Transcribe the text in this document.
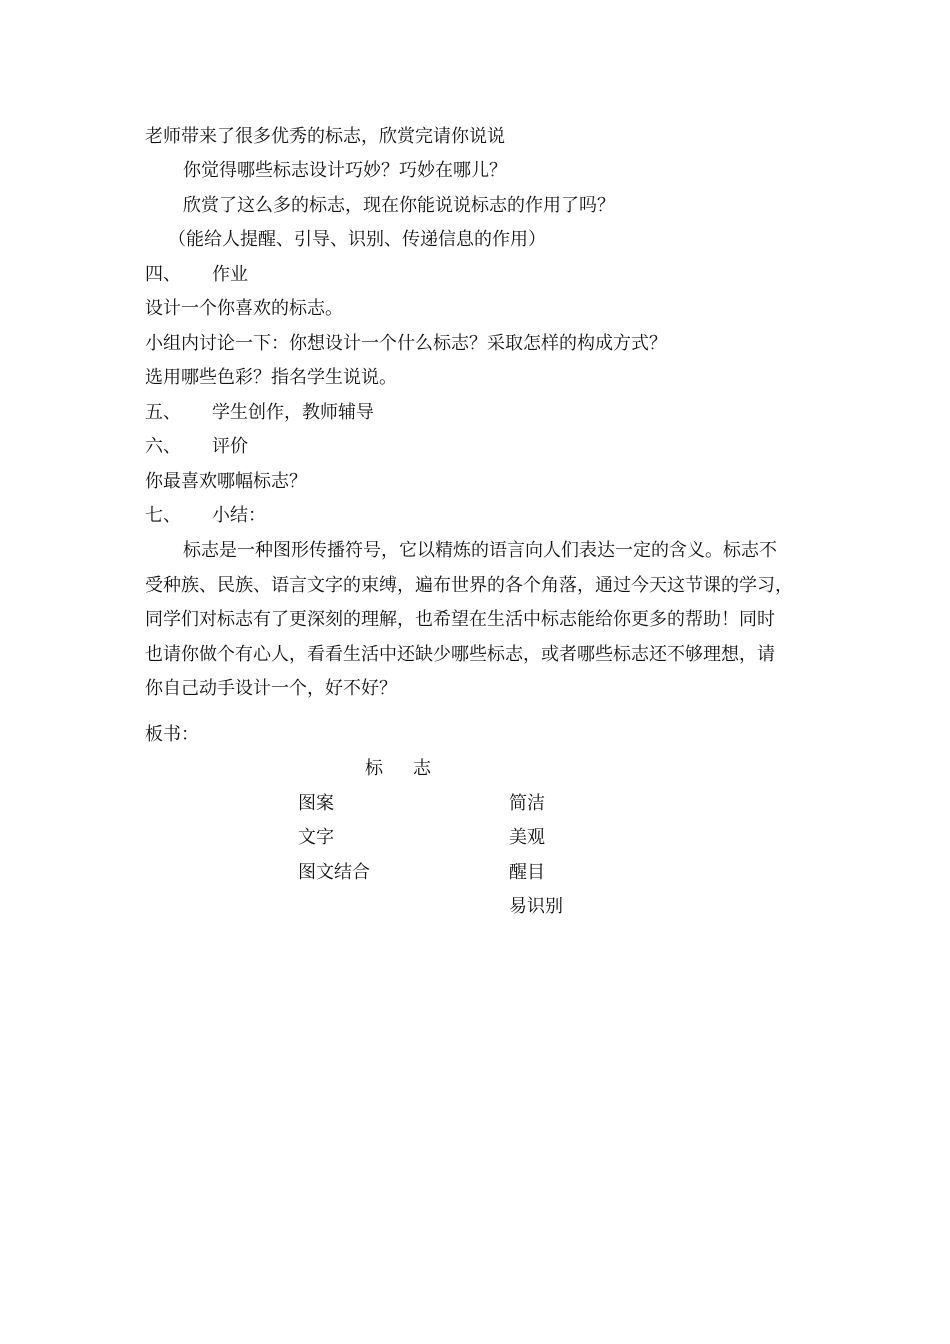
老师带来了很多优秀的标志，欣赏完请你说说
你觉得哪些标志设计巧妙？巧妙在哪儿？
欣赏了这么多的标志，现在你能说说标志的作用了吗？
（能给人提醒、引导、识别、传递信息的作用）
四、 作业
设计一个你喜欢的标志。
小组内讨论一下：你想设计一个什么标志？采取怎样的构成方式？
选用哪些色彩？指名学生说说。
五、 学生创作，教师辅导
六、 评价
你最喜欢哪幅标志？
七、 小结：
标志是一种图形传播符号，它以精炼的语言向人们表达一定的含义。标志不
受种族、民族、语言文字的束缚，遍布世界的各个角落，通过今天这节课的学习，
同学们对标志有了更深刻的理解，也希望在生活中标志能给你更多的帮助！同时
也请你做个有心人，看看生活中还缺少哪些标志，或者哪些标志还不够理想，请
你自己动手设计一个，好不好？
板书：
标 志
图案
文字
图文结合
简洁
美观
醒目
易识别
